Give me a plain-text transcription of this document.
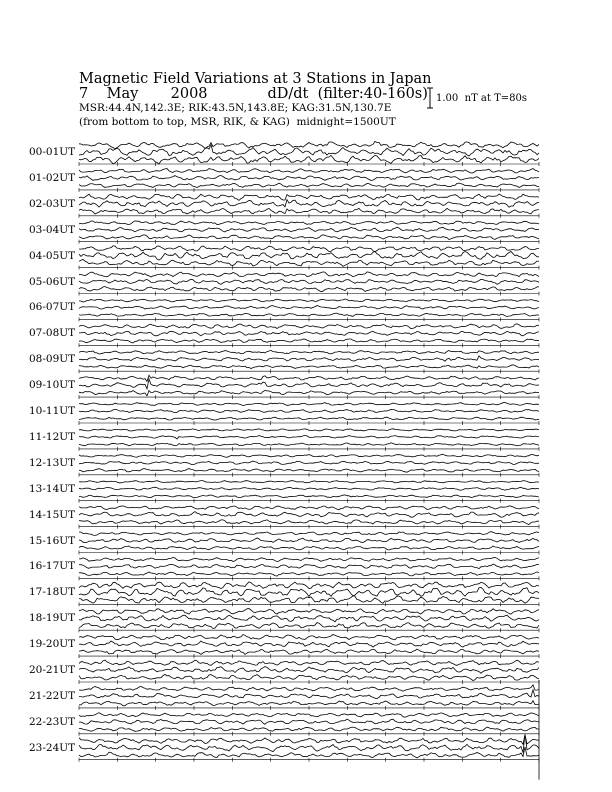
Magnetic Field Variations at 3 Stations in Japan
7 May 2008	dD/dt (filter:40-160s)
MSR:44.4N,142.3E; RIK:43.5N,143.8E; KAG:31.5N,130.7E
(from bottom to top, MSR, RIK, & KAG)  midnight=1500UT
1.00  nT at T=80s
00-01UT
01-02UT
02-03UT
03-04UT
04-05UT
05-06UT
06-07UT
07-08UT
08-09UT
09-10UT
10-11UT
11-12UT
12-13UT
13-14UT
14-15UT
15-16UT
16-17UT
17-18UT
18-19UT
19-20UT
20-21UT
21-22UT
22-23UT
23-24UT
